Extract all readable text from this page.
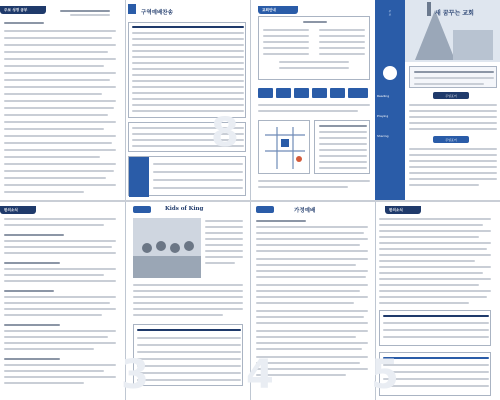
주보 성경 공부
구역예배찬송
8
교회안내
주 보
Reading
Praying
Sharing
새 꿈꾸는 교회
주일표어
주일표어
한의소식	Kids of King
3
가정예배
4
한의소식
5
